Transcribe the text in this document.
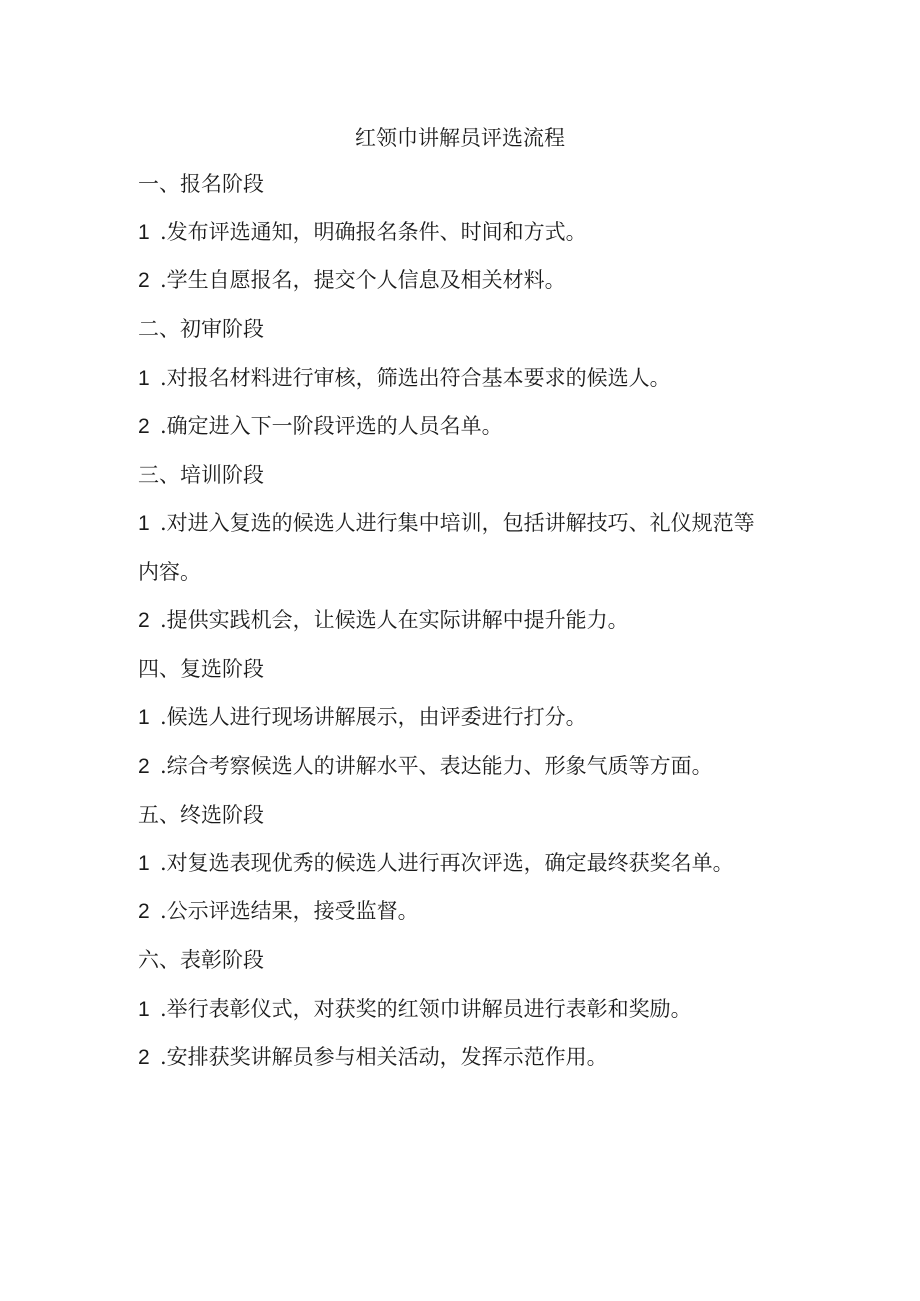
红领巾讲解员评选流程
一、报名阶段
1 .发布评选通知，明确报名条件、时间和方式。
2 .学生自愿报名，提交个人信息及相关材料。
二、初审阶段
1 .对报名材料进行审核，筛选出符合基本要求的候选人。
2 .确定进入下一阶段评选的人员名单。
三、培训阶段
1 .对进入复选的候选人进行集中培训，包括讲解技巧、礼仪规范等
内容。
2 .提供实践机会，让候选人在实际讲解中提升能力。
四、复选阶段
1 .候选人进行现场讲解展示，由评委进行打分。
2 .综合考察候选人的讲解水平、表达能力、形象气质等方面。
五、终选阶段
1 .对复选表现优秀的候选人进行再次评选，确定最终获奖名单。
2 .公示评选结果，接受监督。
六、表彰阶段
1 .举行表彰仪式，对获奖的红领巾讲解员进行表彰和奖励。
2 .安排获奖讲解员参与相关活动，发挥示范作用。
